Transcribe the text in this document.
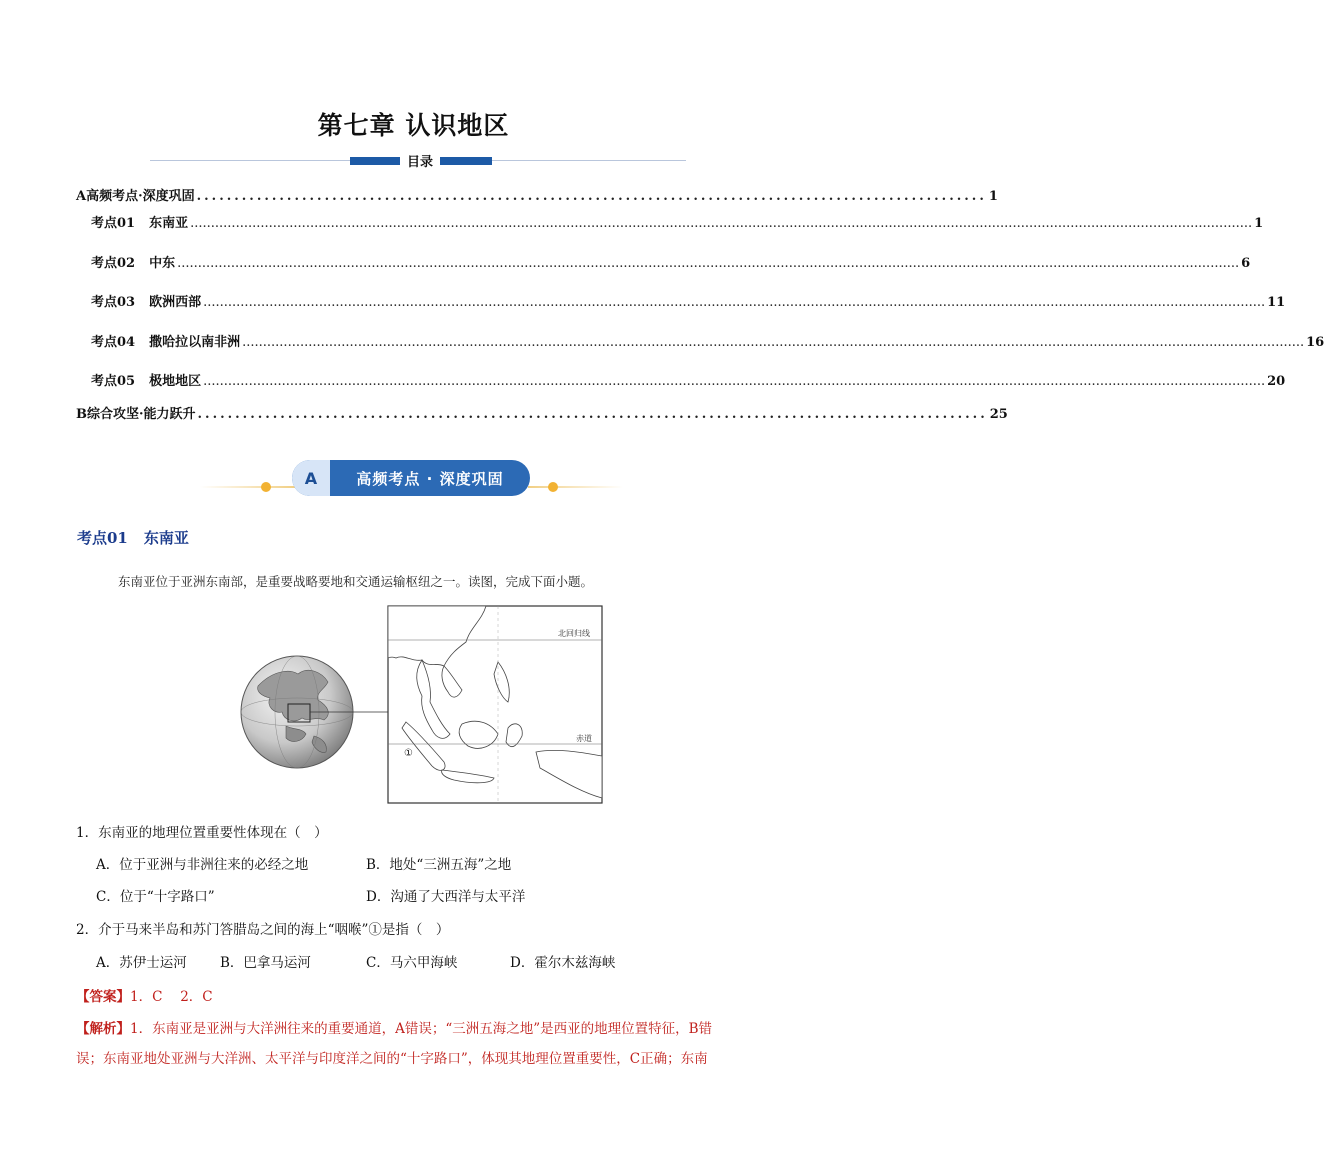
第七章 认识地区
目录
A高频考点·深度巩固 ......................................................................................................... 1
考点01 东南亚 ................................................................................................................................................................................................................................................................. 1
考点02 中东 ................................................................................................................................................................................................................................................................. 6
考点03 欧洲西部 ................................................................................................................................................................................................................................................................. 11
考点04 撒哈拉以南非洲 ................................................................................................................................................................................................................................................................. 16
考点05 极地地区 ................................................................................................................................................................................................................................................................. 20
B综合攻坚·能力跃升 ......................................................................................................... 25
A	高频考点 · 深度巩固
考点01 东南亚
东南亚位于亚洲东南部，是重要战略要地和交通运输枢纽之一。读图，完成下面小题。
北回归线
赤道
①
1．东南亚的地理位置重要性体现在（　）
A．位于亚洲与非洲往来的必经之地	B．地处“三洲五海”之地
C．位于“十字路口”	D．沟通了大西洋与太平洋
2．介于马来半岛和苏门答腊岛之间的海上“咽喉”①是指（　）
A．苏伊士运河 B．巴拿马运河	C．马六甲海峡	D．霍尔木兹海峡
【答案】1．C　 2．C
【解析】1．东南亚是亚洲与大洋洲往来的重要通道，A错误；“三洲五海之地”是西亚的地理位置特征，B错
误；东南亚地处亚洲与大洋洲、太平洋与印度洋之间的“十字路口”，体现其地理位置重要性，C正确；东南
